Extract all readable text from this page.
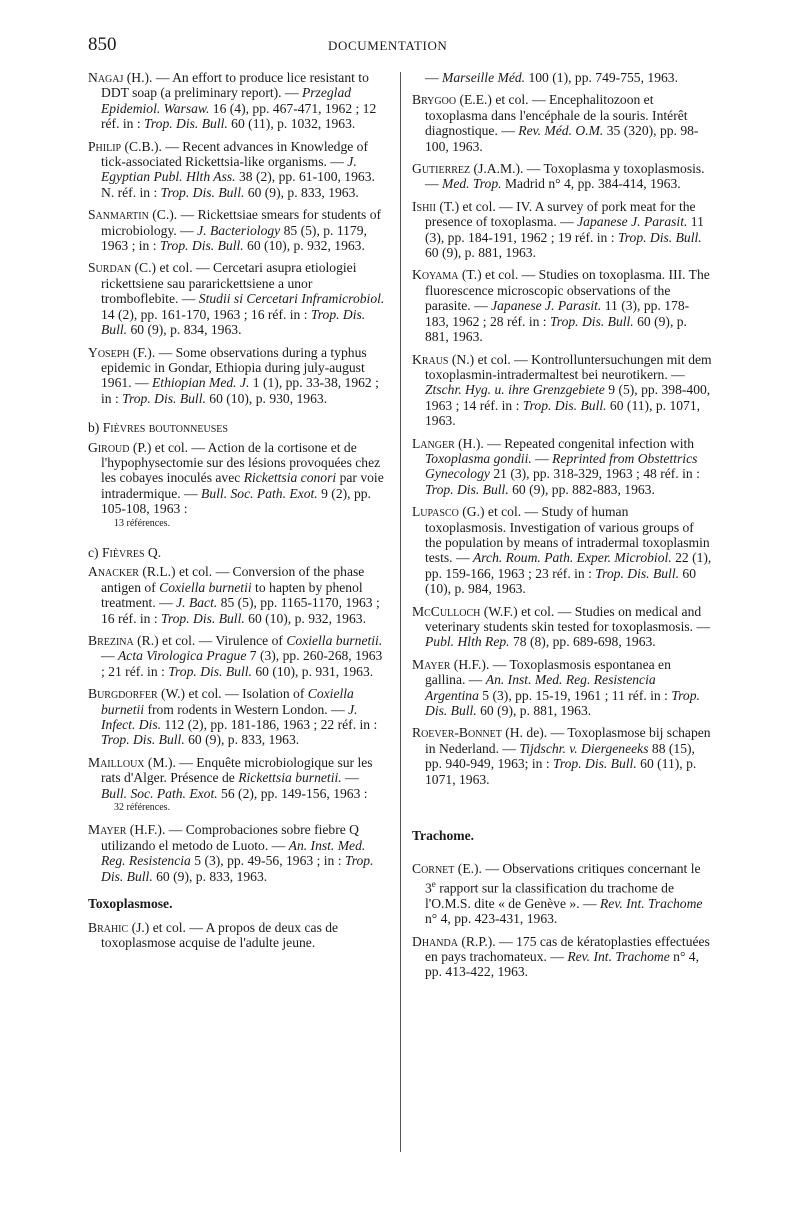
850	DOCUMENTATION
Nagaj (H.). — An effort to produce lice resistant to DDT soap (a preliminary report). — Przeglad Epidemiol. Warsaw. 16 (4), pp. 467-471, 1962 ; 12 réf. in : Trop. Dis. Bull. 60 (11), p. 1032, 1963.
Philip (C.B.). — Recent advances in Knowledge of tick-associated Rickettsia-like organisms. — J. Egyptian Publ. Hlth Ass. 38 (2), pp. 61-100, 1963. N. réf. in : Trop. Dis. Bull. 60 (9), p. 833, 1963.
Sanmartin (C.). — Rickettsiae smears for students of microbiology. — J. Bacteriology 85 (5), p. 1179, 1963 ; in : Trop. Dis. Bull. 60 (10), p. 932, 1963.
Surdan (C.) et col. — Cercetari asupra etiologiei rickettsiene sau pararickettsiene a unor tromboflebite. — Studii si Cercetari Inframicrobiol. 14 (2), pp. 161-170, 1963 ; 16 réf. in : Trop. Dis. Bull. 60 (9), p. 834, 1963.
Yoseph (F.). — Some observations during a typhus epidemic in Gondar, Ethiopia during july-august 1961. — Ethiopian Med. J. 1 (1), pp. 33-38, 1962 ; in : Trop. Dis. Bull. 60 (10), p. 930, 1963.
b) Fièvres boutonneuses
Giroud (P.) et col. — Action de la cortisone et de l'hypophysectomie sur des lésions provoquées chez les cobayes inoculés avec Rickettsia conori par voie intradermique. — Bull. Soc. Path. Exot. 9 (2), pp. 105-108, 1963 :
13 références.
c) Fièvres Q.
Anacker (R.L.) et col. — Conversion of the phase antigen of Coxiella burnetii to hapten by phenol treatment. — J. Bact. 85 (5), pp. 1165-1170, 1963 ; 16 réf. in : Trop. Dis. Bull. 60 (10), p. 932, 1963.
Brezina (R.) et col. — Virulence of Coxiella burnetii. — Acta Virologica Prague 7 (3), pp. 260-268, 1963 ; 21 réf. in : Trop. Dis. Bull. 60 (10), p. 931, 1963.
Burgdorfer (W.) et col. — Isolation of Coxiella burnetii from rodents in Western London. — J. Infect. Dis. 112 (2), pp. 181-186, 1963 ; 22 réf. in : Trop. Dis. Bull. 60 (9), p. 833, 1963.
Mailloux (M.). — Enquête microbiologique sur les rats d'Alger. Présence de Rickettsia burnetii. — Bull. Soc. Path. Exot. 56 (2), pp. 149-156, 1963 :
32 références.
Mayer (H.F.). — Comprobaciones sobre fiebre Q utilizando el metodo de Luoto. — An. Inst. Med. Reg. Resistencia 5 (3), pp. 49-56, 1963 ; in : Trop. Dis. Bull. 60 (9), p. 833, 1963.
Toxoplasmose.
Brahic (J.) et col. — A propos de deux cas de toxoplasmose acquise de l'adulte jeune.
— Marseille Méd. 100 (1), pp. 749-755, 1963.
Brygoo (E.E.) et col. — Encephalitozoon et toxoplasma dans l'encéphale de la souris. Intérêt diagnostique. — Rev. Méd. O.M. 35 (320), pp. 98-100, 1963.
Gutierrez (J.A.M.). — Toxoplasma y toxoplasmosis. — Med. Trop. Madrid n° 4, pp. 384-414, 1963.
Ishii (T.) et col. — IV. A survey of pork meat for the presence of toxoplasma. — Japanese J. Parasit. 11 (3), pp. 184-191, 1962 ; 19 réf. in : Trop. Dis. Bull. 60 (9), p. 881, 1963.
Koyama (T.) et col. — Studies on toxoplasma. III. The fluorescence microscopic observations of the parasite. — Japanese J. Parasit. 11 (3), pp. 178-183, 1962 ; 28 réf. in : Trop. Dis. Bull. 60 (9), p. 881, 1963.
Kraus (N.) et col. — Kontrolluntersuchungen mit dem toxoplasmin-intradermaltest bei neurotikern. — Ztschr. Hyg. u. ihre Grenzgebiete 9 (5), pp. 398-400, 1963 ; 14 réf. in : Trop. Dis. Bull. 60 (11), p. 1071, 1963.
Langer (H.). — Repeated congenital infection with Toxoplasma gondii. — Reprinted from Obstettrics Gynecology 21 (3), pp. 318-329, 1963 ; 48 réf. in : Trop. Dis. Bull. 60 (9), pp. 882-883, 1963.
Lupasco (G.) et col. — Study of human toxoplasmosis. Investigation of various groups of the population by means of intradermal toxoplasmin tests. — Arch. Roum. Path. Exper. Microbiol. 22 (1), pp. 159-166, 1963 ; 23 réf. in : Trop. Dis. Bull. 60 (10), p. 984, 1963.
McCulloch (W.F.) et col. — Studies on medical and veterinary students skin tested for toxoplasmosis. — Publ. Hlth Rep. 78 (8), pp. 689-698, 1963.
Mayer (H.F.). — Toxoplasmosis espontanea en gallina. — An. Inst. Med. Reg. Resistencia Argentina 5 (3), pp. 15-19, 1961 ; 11 réf. in : Trop. Dis. Bull. 60 (9), p. 881, 1963.
Roever-Bonnet (H. de). — Toxoplasmose bij schapen in Nederland. — Tijdschr. v. Diergeneeks 88 (15), pp. 940-949, 1963; in : Trop. Dis. Bull. 60 (11), p. 1071, 1963.
Trachome.
Cornet (E.). — Observations critiques concernant le 3e rapport sur la classification du trachome de l'O.M.S. dite « de Genève ». — Rev. Int. Trachome n° 4, pp. 423-431, 1963.
Dhanda (R.P.). — 175 cas de kératoplasties effectuées en pays trachomateux. — Rev. Int. Trachome n° 4, pp. 413-422, 1963.
